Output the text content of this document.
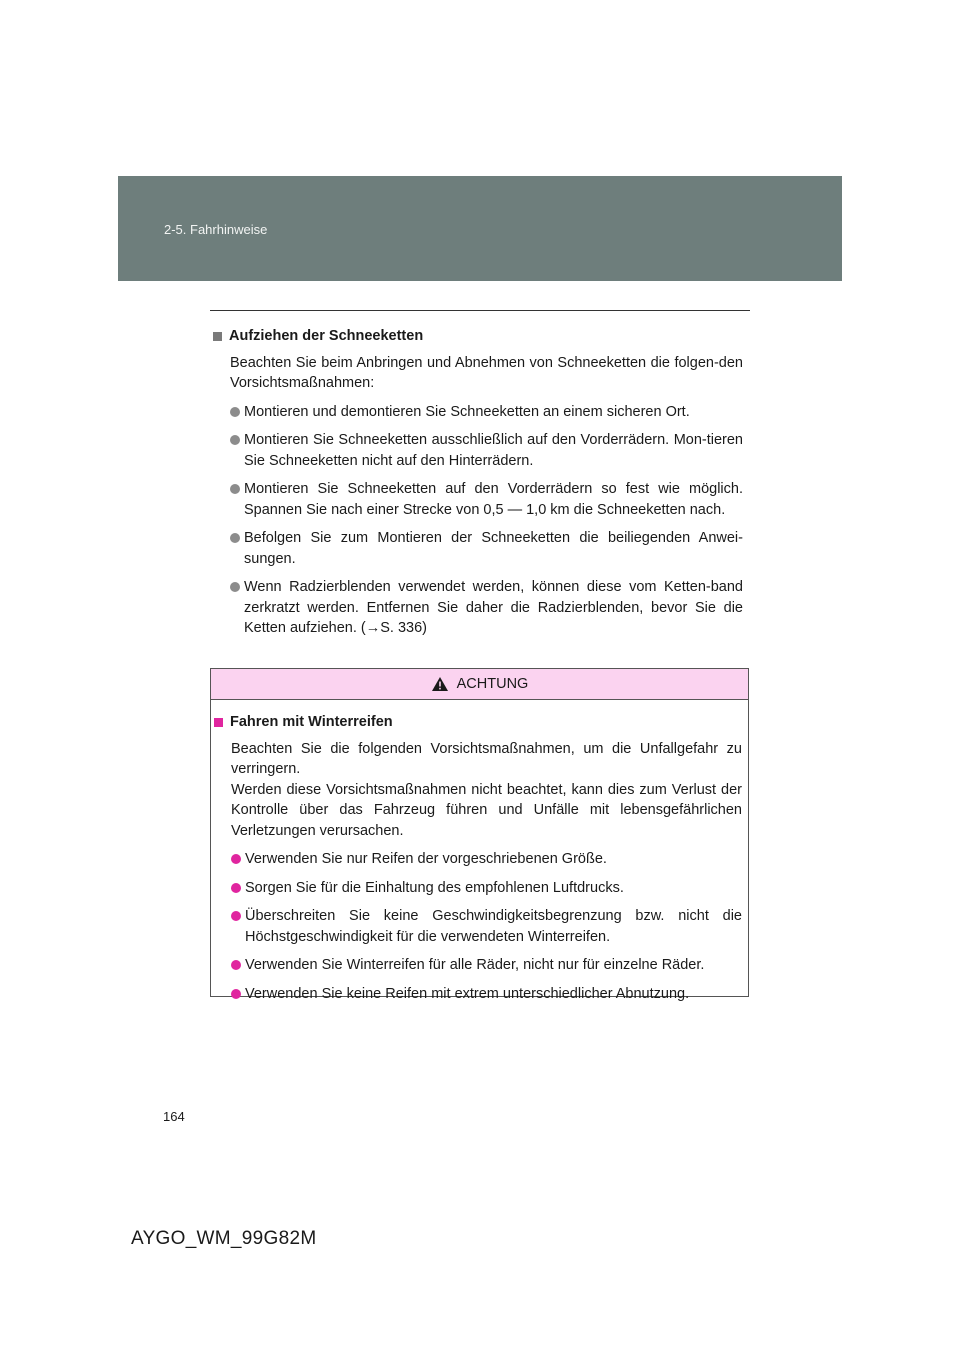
2-5. Fahrhinweise
Aufziehen der Schneeketten

Beachten Sie beim Anbringen und Abnehmen von Schneeketten die folgen-den Vorsichtsmaßnahmen:

Montieren und demontieren Sie Schneeketten an einem sicheren Ort.
Montieren Sie Schneeketten ausschließlich auf den Vorderrädern. Mon-tieren Sie Schneeketten nicht auf den Hinterrädern.
Montieren Sie Schneeketten auf den Vorderrädern so fest wie möglich. Spannen Sie nach einer Strecke von 0,5 — 1,0 km die Schneeketten nach.
Befolgen Sie zum Montieren der Schneeketten die beiliegenden Anwei-sungen.
Wenn Radzierblenden verwendet werden, können diese vom Ketten-band zerkratzt werden. Entfernen Sie daher die Radzierblenden, bevor Sie die Ketten aufziehen. (→S. 336)
ACHTUNG
Fahren mit Winterreifen

Beachten Sie die folgenden Vorsichtsmaßnahmen, um die Unfallgefahr zu verringern.

Werden diese Vorsichtsmaßnahmen nicht beachtet, kann dies zum Verlust der Kontrolle über das Fahrzeug führen und Unfälle mit lebensgefährlichen Verletzungen verursachen.

Verwenden Sie nur Reifen der vorgeschriebenen Größe.
Sorgen Sie für die Einhaltung des empfohlenen Luftdrucks.
Überschreiten Sie keine Geschwindigkeitsbegrenzung bzw. nicht die Höchstgeschwindigkeit für die verwendeten Winterreifen.
Verwenden Sie Winterreifen für alle Räder, nicht nur für einzelne Räder.
Verwenden Sie keine Reifen mit extrem unterschiedlicher Abnutzung.
164
AYGO_WM_99G82M
